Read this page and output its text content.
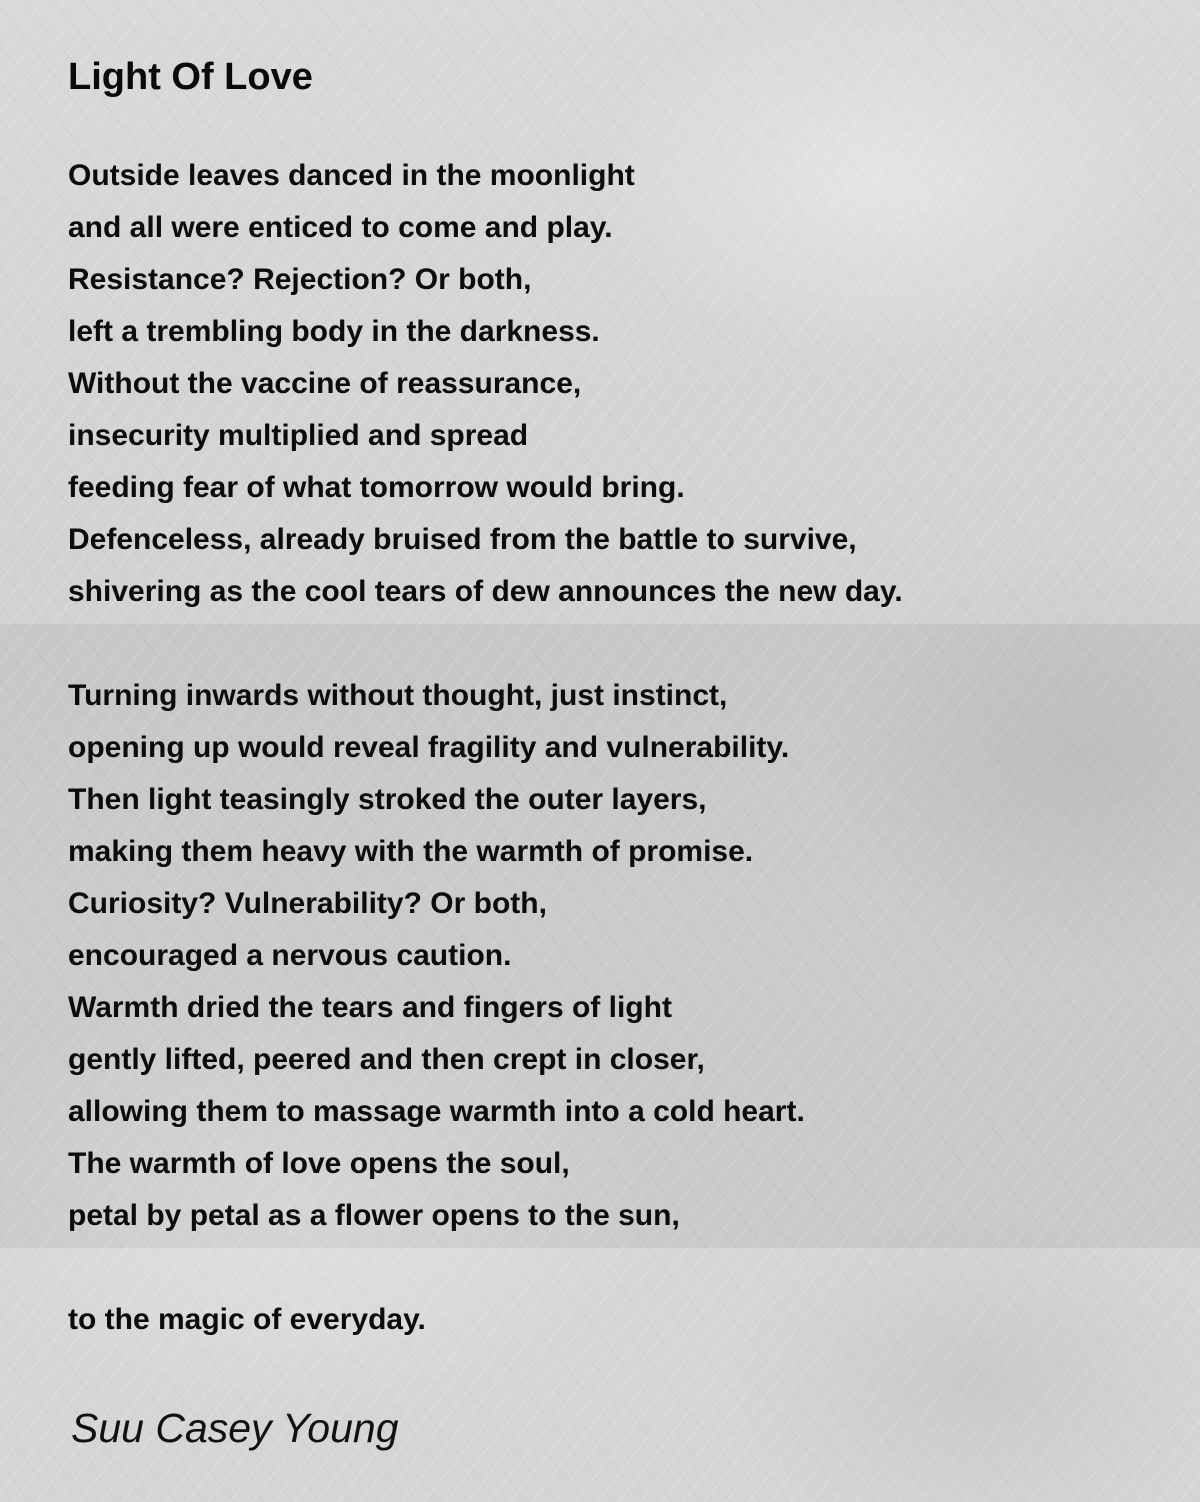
Light Of Love
Outside leaves danced in the moonlight
and all were enticed to come and play.
Resistance? Rejection? Or both,
left a trembling body in the darkness.
Without the vaccine of reassurance,
insecurity multiplied and spread
feeding fear of what tomorrow would bring.
Defenceless, already bruised from the battle to survive,
shivering as the cool tears of dew announces the new day.
Turning inwards without thought, just instinct,
opening up would reveal fragility and vulnerability.
Then light teasingly stroked the outer layers,
making them heavy with the warmth of promise.
Curiosity? Vulnerability? Or both,
encouraged a nervous caution.
Warmth dried the tears and fingers of light
gently lifted, peered and then crept in closer,
allowing them to massage warmth into a cold heart.
The warmth of love opens the soul,
petal by petal as a flower opens to the sun,
to the magic of everyday.

Suu Casey Young
